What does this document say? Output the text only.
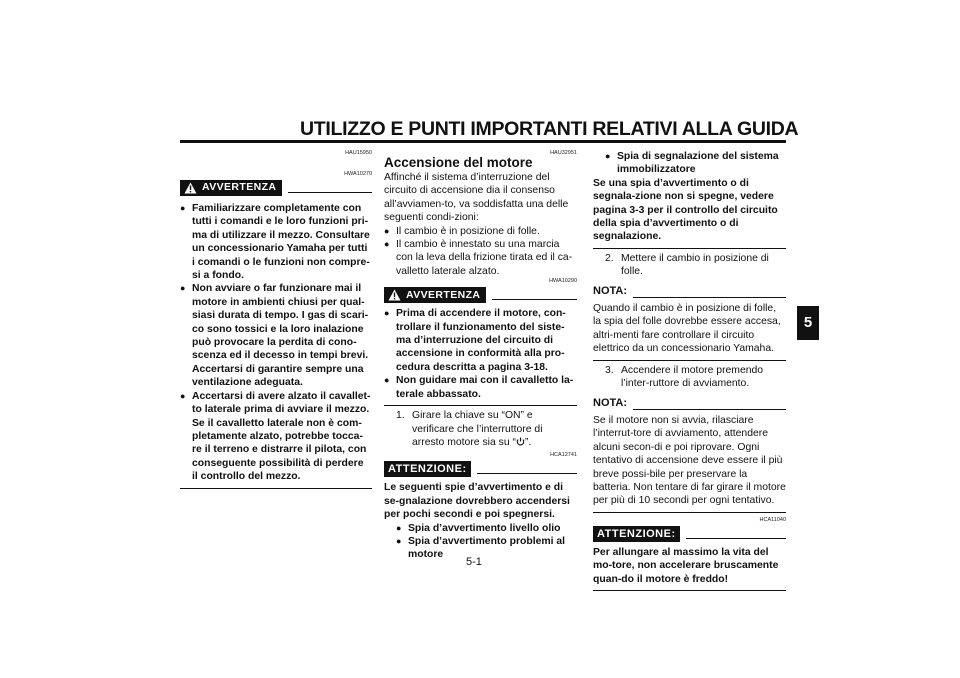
UTILIZZO E PUNTI IMPORTANTI RELATIVI ALLA GUIDA
5
5-1
HAU15950
HWA10270
AVVERTENZA
● Familiarizzare completamente con tutti i comandi e le loro funzioni pri-ma di utilizzare il mezzo. Consultare un concessionario Yamaha per tutti i comandi o le funzioni non compre-si a fondo.
● Non avviare o far funzionare mai il motore in ambienti chiusi per qual-siasi durata di tempo. I gas di scari-co sono tossici e la loro inalazione può provocare la perdita di cono-scenza ed il decesso in tempi brevi. Accertarsi di garantire sempre una ventilazione adeguata.
● Accertarsi di avere alzato il cavallet-to laterale prima di avviare il mezzo. Se il cavalletto laterale non è com-pletamente alzato, potrebbe tocca-re il terreno e distrarre il pilota, con conseguente possibilità di perdere il controllo del mezzo.
HAU32951
Accensione del motore

Affinché il sistema d’interruzione del circuito di accensione dia il consenso all’avviamen-to, va soddisfatta una delle seguenti condi-zioni:

● Il cambio è in posizione di folle.
● Il cambio è innestato su una marcia con la leva della frizione tirata ed il ca-valletto laterale alzato.
HWA10290
AVVERTENZA
● Prima di accendere il motore, con-trollare il funzionamento del siste-ma d’interruzione del circuito di accensione in conformità alla pro-cedura descritta a pagina 3-18.
● Non guidare mai con il cavalletto la-terale abbassato.
1. Girare la chiave su “ON” e verificare che l’interruttore di arresto motore sia su “ ”.
HCA12741
ATTENZIONE:

Le seguenti spie d’avvertimento e di se-gnalazione dovrebbero accendersi per pochi secondi e poi spegnersi.

● Spia d’avvertimento livello olio
● Spia d’avvertimento problemi al motore
● Spia di segnalazione del sistema immobilizzatore

Se una spia d’avvertimento o di segnala-zione non si spegne, vedere pagina 3-3 per il controllo del circuito della spia d’avvertimento o di segnalazione.

2. Mettere il cambio in posizione di folle.
NOTA:

Quando il cambio è in posizione di folle, la spia del folle dovrebbe essere accesa, altri-menti fare controllare il circuito elettrico da un concessionario Yamaha.

3. Accendere il motore premendo l’inter-ruttore di avviamento.
NOTA:

Se il motore non si avvia, rilasciare l’interrut-tore di avviamento, attendere alcuni secon-di e poi riprovare. Ogni tentativo di accensione deve essere il più breve possi-bile per preservare la batteria. Non tentare di far girare il motore per più di 10 secondi per ogni tentativo.

HCA11040
ATTENZIONE:

Per allungare al massimo la vita del mo-tore, non accelerare bruscamente quan-do il motore è freddo!
